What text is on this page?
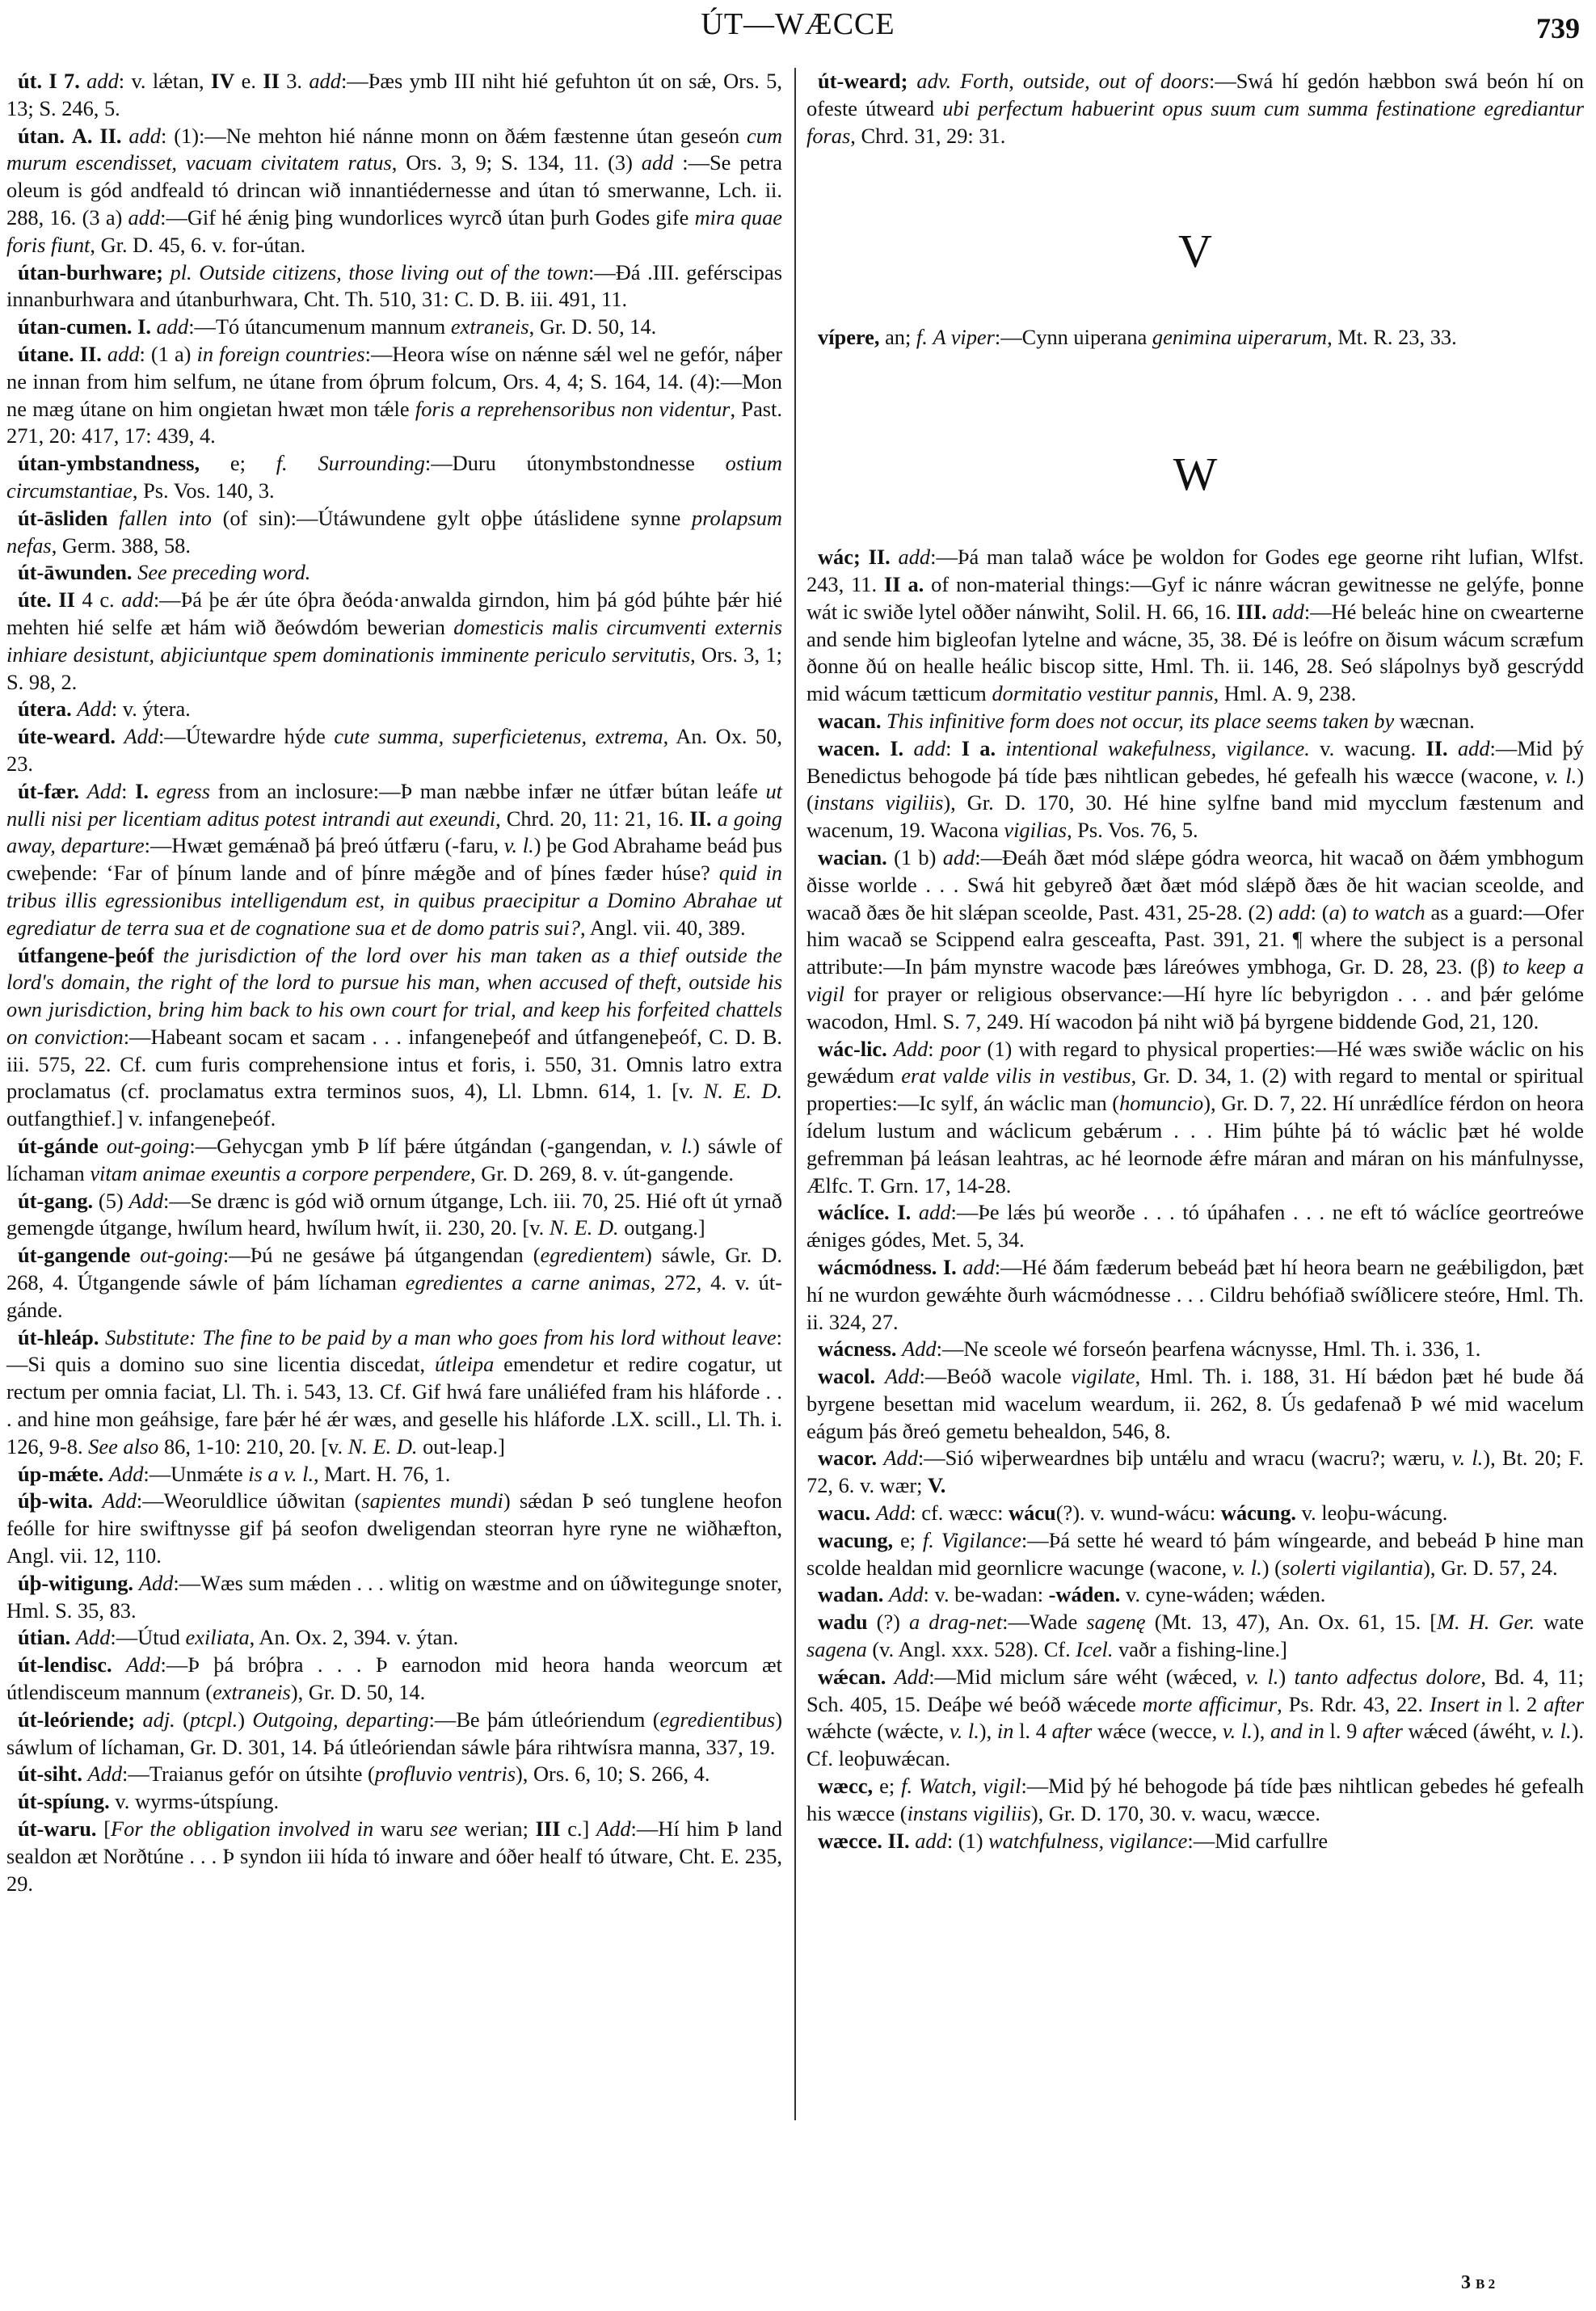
ÚT—WÆCCE	739

út. I 7. add: v. lǽtan, IV e. II 3. add:—Þæs ymb III niht hié gefuhton út on sǽ, Ors. 5, 13; S. 246, 5.

útan. A. II. add: (1):—Ne mehton hié nánne monn on ðǽm fæstenne útan geseón cum murum escendisset, vacuam civitatem ratus, Ors. 3, 9; S. 134, 11. (3) add :—Se petra oleum is gód andfeald tó drincan wið innantiédernesse and útan tó smerwanne, Lch. ii. 288, 16. (3 a) add:—Gif hé ǽnig þing wundorlices wyrcð útan þurh Godes gife mira quae foris fiunt, Gr. D. 45, 6. v. for-útan.

útan-burhware; pl. Outside citizens, those living out of the town:—Ðá .III. geférscipas innanburhwara and útanburhwara, Cht. Th. 510, 31: C. D. B. iii. 491, 11.

útan-cumen. I. add:—Tó útancumenum mannum extraneis, Gr. D. 50, 14.

útane. II. add: (1 a) in foreign countries:—Heora wíse on nǽnne sǽl wel ne gefór, náþer ne innan from him selfum, ne útane from óþrum folcum, Ors. 4, 4; S. 164, 14. (4):—Mon ne mæg útane on him ongietan hwæt mon tǽle foris a reprehensoribus non videntur, Past. 271, 20: 417, 17: 439, 4.

útan-ymbstandness, e; f. Surrounding:—Duru útonymbstondnesse ostium circumstantiae, Ps. Vos. 140, 3.

út-āsliden fallen into (of sin):—Útáwundene gylt oþþe útáslidene synne prolapsum nefas, Germ. 388, 58.

út-āwunden. See preceding word.

úte. II 4 c. add:—Þá þe ǽr úte óþra ðeóda·anwalda girndon, him þá gód þúhte þǽr hié mehten hié selfe æt hám wið ðeówdóm bewerian domesticis malis circumventi externis inhiare desistunt, abjiciuntque spem dominationis imminente periculo servitutis, Ors. 3, 1; S. 98, 2.

útera. Add: v. ýtera.

úte-weard. Add:—Útewardre hýde cute summa, superficietenus, extrema, An. Ox. 50, 23.

út-fær. Add: I. egress from an inclosure:—Þ man næbbe infær ne útfær bútan leáfe ut nulli nisi per licentiam aditus potest intrandi aut exeundi, Chrd. 20, 11: 21, 16. II. a going away, departure:—Hwæt gemǽnað þá þreó útfæru (-faru, v. l.) þe God Abrahame beád þus cweþende: ‘Far of þínum lande and of þínre mǽgðe and of þínes fæder húse? quid in tribus illis egressionibus intelligendum est, in quibus praecipitur a Domino Abrahae ut egrediatur de terra sua et de cognatione sua et de domo patris sui?, Angl. vii. 40, 389.

útfangene-þeóf the jurisdiction of the lord over his man taken as a thief outside the lord's domain, the right of the lord to pursue his man, when accused of theft, outside his own jurisdiction, bring him back to his own court for trial, and keep his forfeited chattels on conviction:—Habeant socam et sacam . . . infangeneþeóf and útfangeneþeóf, C. D. B. iii. 575, 22. Cf. cum furis comprehensione intus et foris, i. 550, 31. Omnis latro extra proclamatus (cf. proclamatus extra terminos suos, 4), Ll. Lbmn. 614, 1. [v. N. E. D. outfangthief.] v. infangeneþeóf.

út-gánde out-going:—Gehycgan ymb Þ líf þǽre útgándan (-gangendan, v. l.) sáwle of líchaman vitam animae exeuntis a corpore perpendere, Gr. D. 269, 8. v. út-gangende.

út-gang. (5) Add:—Se drænc is gód wið ornum útgange, Lch. iii. 70, 25. Hié oft út yrnað gemengde útgange, hwílum heard, hwílum hwít, ii. 230, 20. [v. N. E. D. outgang.]

út-gangende out-going:—Þú ne gesáwe þá útgangendan (egredientem) sáwle, Gr. D. 268, 4. Útgangende sáwle of þám líchaman egredientes a carne animas, 272, 4. v. út-gánde.

út-hleáp. Substitute: The fine to be paid by a man who goes from his lord without leave:—Si quis a domino suo sine licentia discedat, útleipa emendetur et redire cogatur, ut rectum per omnia faciat, Ll. Th. i. 543, 13. Cf. Gif hwá fare unáliéfed fram his hláforde . . . and hine mon geáhsige, fare þǽr hé ǽr wæs, and geselle his hláforde .LX. scill., Ll. Th. i. 126, 9-8. See also 86, 1-10: 210, 20. [v. N. E. D. out-leap.]

úp-mǽte. Add:—Unmǽte is a v. l., Mart. H. 76, 1.

úþ-wita. Add:—Weoruldlice úðwitan (sapientes mundi) sǽdan Þ seó tunglene heofon feólle for hire swiftnysse gif þá seofon dweligendan steorran hyre ryne ne wiðhæfton, Angl. vii. 12, 110.

úþ-witigung. Add:—Wæs sum mǽden . . . wlitig on wæstme and on úðwitegunge snoter, Hml. S. 35, 83.

útian. Add:—Útud exiliata, An. Ox. 2, 394. v. ýtan.

út-lendisc. Add:—Þ þá bróþra . . . Þ earnodon mid heora handa weorcum æt útlendisceum mannum (extraneis), Gr. D. 50, 14.

út-leóriende; adj. (ptcpl.) Outgoing, departing:—Be þám útleóriendum (egredientibus) sáwlum of líchaman, Gr. D. 301, 14. Þá útleóriendan sáwle þára rihtwísra manna, 337, 19.

út-siht. Add:—Traianus gefór on útsihte (profluvio ventris), Ors. 6, 10; S. 266, 4.

út-spíung. v. wyrms-útspíung.

út-waru. [For the obligation involved in waru see werian; III c.] Add:—Hí him Þ land sealdon æt Norðtúne . . . Þ syndon iii hída tó inware and óðer healf tó útware, Cht. E. 235, 29.

út-weard; adv. Forth, outside, out of doors:—Swá hí gedón hæbbon swá beón hí on ofeste útweard ubi perfectum habuerint opus suum cum summa festinatione egrediantur foras, Chrd. 31, 29: 31.

V

vípere, an; f. A viper:—Cynn uiperana genimina uiperarum, Mt. R. 23, 33.

W

wác; II. add:—Þá man talað wáce þe woldon for Godes ege georne riht lufian, Wlfst. 243, 11. II a. of non-material things:—Gyf ic nánre wácran gewitnesse ne gelýfe, þonne wát ic swiðe lytel oððer nánwiht, Solil. H. 66, 16. III. add:—Hé beleác hine on cwearterne and sende him bigleofan lytelne and wácne, 35, 38. Ðé is leófre on ðisum wácum scræfum ðonne ðú on healle heálic biscop sitte, Hml. Th. ii. 146, 28. Seó slápolnys byð gescrýdd mid wácum tætticum dormitatio vestitur pannis, Hml. A. 9, 238.

wacan. This infinitive form does not occur, its place seems taken by wæcnan.

wacen. I. add: I a. intentional wakefulness, vigilance. v. wacung. II. add:—Mid þý Benedictus behogode þá tíde þæs nihtlican gebedes, hé gefealh his wæcce (wacone, v. l.) (instans vigiliis), Gr. D. 170, 30. Hé hine sylfne band mid mycclum fæstenum and wacenum, 19. Wacona vigilias, Ps. Vos. 76, 5.

wacian. (1 b) add:—Ðeáh ðæt mód slǽpe gódra weorca, hit wacað on ðǽm ymbhogum ðisse worlde . . . Swá hit gebyreð ðæt ðæt mód slǽpð ðæs ðe hit wacian sceolde, and wacað ðæs ðe hit slǽpan sceolde, Past. 431, 25-28. (2) add: (a) to watch as a guard:—Ofer him wacað se Scippend ealra gesceafta, Past. 391, 21. ¶ where the subject is a personal attribute:—In þám mynstre wacode þæs láreówes ymbhoga, Gr. D. 28, 23. (β) to keep a vigil for prayer or religious observance:—Hí hyre líc bebyrigdon . . . and þǽr gelóme wacodon, Hml. S. 7, 249. Hí wacodon þá niht wið þá byrgene biddende God, 21, 120.

wác-lic. Add: poor (1) with regard to physical properties:—Hé wæs swiðe wáclic on his gewǽdum erat valde vilis in vestibus, Gr. D. 34, 1. (2) with regard to mental or spiritual properties:—Ic sylf, án wáclic man (homuncio), Gr. D. 7, 22. Hí unrǽdlíce férdon on heora ídelum lustum and wáclicum gebǽrum . . . Him þúhte þá tó wáclic þæt hé wolde gefremman þá leásan leahtras, ac hé leornode ǽfre máran and máran on his mánfulnysse, Ælfc. T. Grn. 17, 14-28.

wáclíce. I. add:—Þe lǽs þú weorðe . . . tó úpáhafen . . . ne eft tó wáclíce geortreówe ǽniges gódes, Met. 5, 34.

wácmódness. I. add:—Hé ðám fæderum bebeád þæt hí heora bearn ne geǽbiligdon, þæt hí ne wurdon gewǽhte ðurh wácmódnesse . . . Cildru behófiað swíðlicere steóre, Hml. Th. ii. 324, 27.

wácness. Add:—Ne sceole wé forseón þearfena wácnysse, Hml. Th. i. 336, 1.

wacol. Add:—Beóð wacole vigilate, Hml. Th. i. 188, 31. Hí bǽdon þæt hé bude ðá byrgene besettan mid wacelum weardum, ii. 262, 8. Ús gedafenað Þ wé mid wacelum eágum þás ðreó gemetu behealdon, 546, 8.

wacor. Add:—Sió wiþerweardnes biþ untǽlu and wracu (wacru?; wæru, v. l.), Bt. 20; F. 72, 6. v. wær; V.

wacu. Add: cf. wæcc: wácu(?). v. wund-wácu: wácung. v. leoþu-wácung.

wacung, e; f. Vigilance:—Þá sette hé weard tó þám wíngearde, and bebeád Þ hine man scolde healdan mid geornlicre wacunge (wacone, v. l.) (solerti vigilantia), Gr. D. 57, 24.

wadan. Add: v. be-wadan: -wáden. v. cyne-wáden; wǽden.

wadu (?) a drag-net:—Wade sagenę (Mt. 13, 47), An. Ox. 61, 15. [M. H. Ger. wate sagena (v. Angl. xxx. 528). Cf. Icel. vaðr a fishing-line.]

wǽcan. Add:—Mid miclum sáre wéht (wǽced, v. l.) tanto adfectus dolore, Bd. 4, 11; Sch. 405, 15. Deáþe wé beóð wǽcede morte afficimur, Ps. Rdr. 43, 22. Insert in l. 2 after wǽhcte (wǽcte, v. l.), in l. 4 after wǽce (wecce, v. l.), and in l. 9 after wǽced (áwéht, v. l.). Cf. leoþuwǽcan.

wæcc, e; f. Watch, vigil:—Mid þý hé behogode þá tíde þæs nihtlican gebedes hé gefealh his wæcce (instans vigiliis), Gr. D. 170, 30. v. wacu, wæcce.

wæcce. II. add: (1) watchfulness, vigilance:—Mid carfullre

3 B 2
